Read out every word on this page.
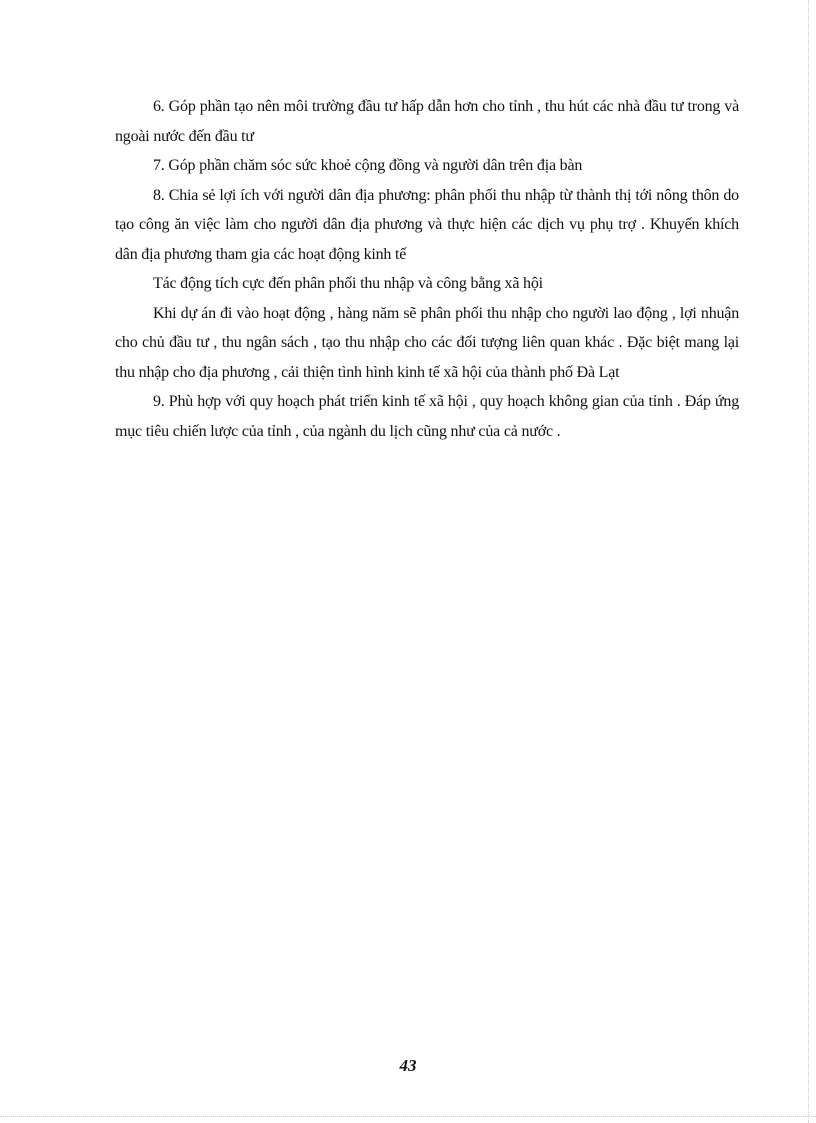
6. Góp phần tạo nên môi trường đầu tư hấp dẫn hơn cho tỉnh , thu hút các nhà đầu tư trong và ngoài nước đến đầu tư

7. Góp phần chăm sóc sức khoẻ cộng đồng và người dân trên địa bàn

8. Chia sẻ lợi ích với người dân địa phương: phân phối thu nhập từ thành thị tới nông thôn do tạo công ăn việc làm cho người dân địa phương và thực hiện các dịch vụ phụ trợ . Khuyến khích dân địa phương tham gia các hoạt động kinh tế

Tác động tích cực đến phân phối thu nhập và công bằng xã hội

Khi dự án đi vào hoạt động , hàng năm sẽ phân phối thu nhập cho người lao động , lợi nhuận cho chủ đầu tư , thu ngân sách , tạo thu nhập cho các đối tượng liên quan khác . Đặc biệt mang lại thu nhập cho địa phương , cải thiện tình hình kinh tế xã hội của thành phố Đà Lạt

9. Phù hợp với quy hoạch phát triển kinh tế xã hội , quy hoạch không gian của tỉnh . Đáp ứng mục tiêu chiến lược của tỉnh , của ngành du lịch cũng như của cả nước .

43
